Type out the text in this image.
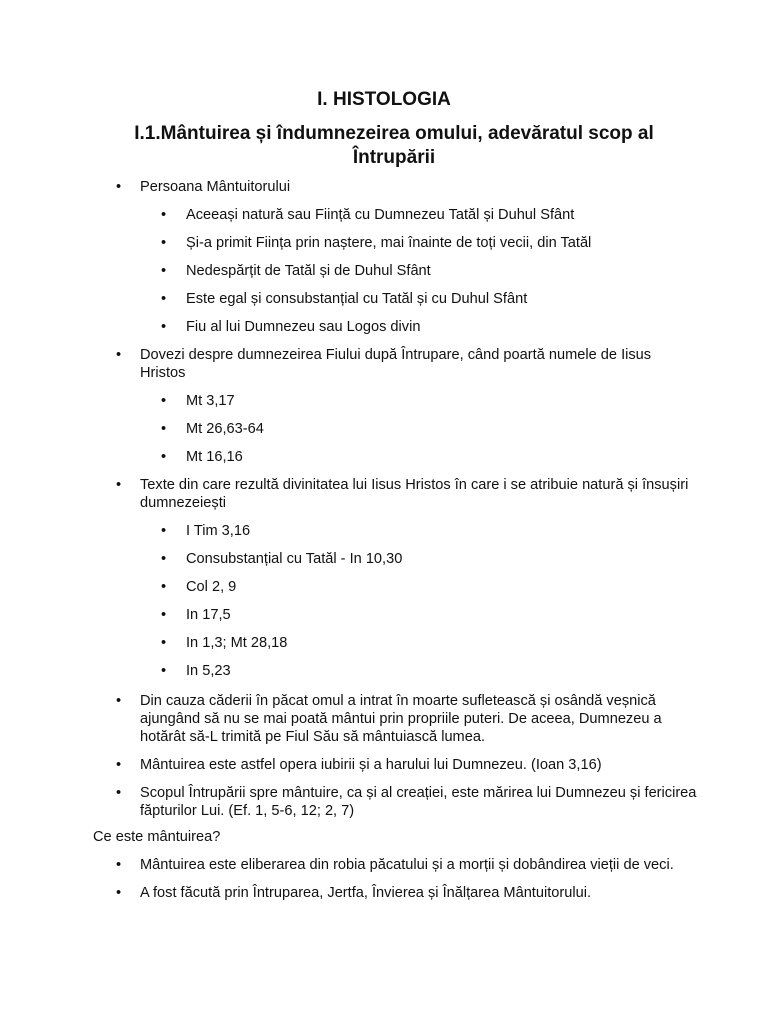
I. HISTOLOGIA
I.1.Mântuirea și îndumnezeirea omului, adevăratul scop al Întrupării
• Persoana Mântuitorului
• Aceeași natură sau Ființă cu Dumnezeu Tatăl și Duhul Sfânt
• Și-a primit Ființa prin naștere, mai înainte de toți vecii, din Tatăl
• Nedespărțit de Tatăl și de Duhul Sfânt
• Este egal și consubstanțial cu Tatăl și cu Duhul Sfânt
• Fiu al lui Dumnezeu sau Logos divin
• Dovezi despre dumnezeirea Fiului după Întrupare, când poartă numele de Iisus Hristos
• Mt 3,17
• Mt 26,63-64
• Mt 16,16
• Texte din care rezultă divinitatea lui Iisus Hristos în care i se atribuie natură și însușiri dumnezeiești
• I Tim 3,16
• Consubstanțial cu Tatăl - In 10,30
• Col 2, 9
• In 17,5
• In 1,3; Mt 28,18
• In 5,23
• Din cauza căderii în păcat omul a intrat în moarte sufletească și osândă veșnică ajungând să nu se mai poată mântui prin propriile puteri. De aceea, Dumnezeu a hotărât să-L trimită pe Fiul Său să mântuiască lumea.
• Mântuirea este astfel opera iubirii și a harului lui Dumnezeu. (Ioan 3,16)
• Scopul Întrupării spre mântuire, ca și al creației, este mărirea lui Dumnezeu și fericirea făpturilor Lui. (Ef. 1, 5-6, 12; 2, 7)
Ce este mântuirea?
• Mântuirea este eliberarea din robia păcatului și a morții și dobândirea vieții de veci.
• A fost făcută prin Întruparea, Jertfa, Învierea și Înălțarea Mântuitorului.
